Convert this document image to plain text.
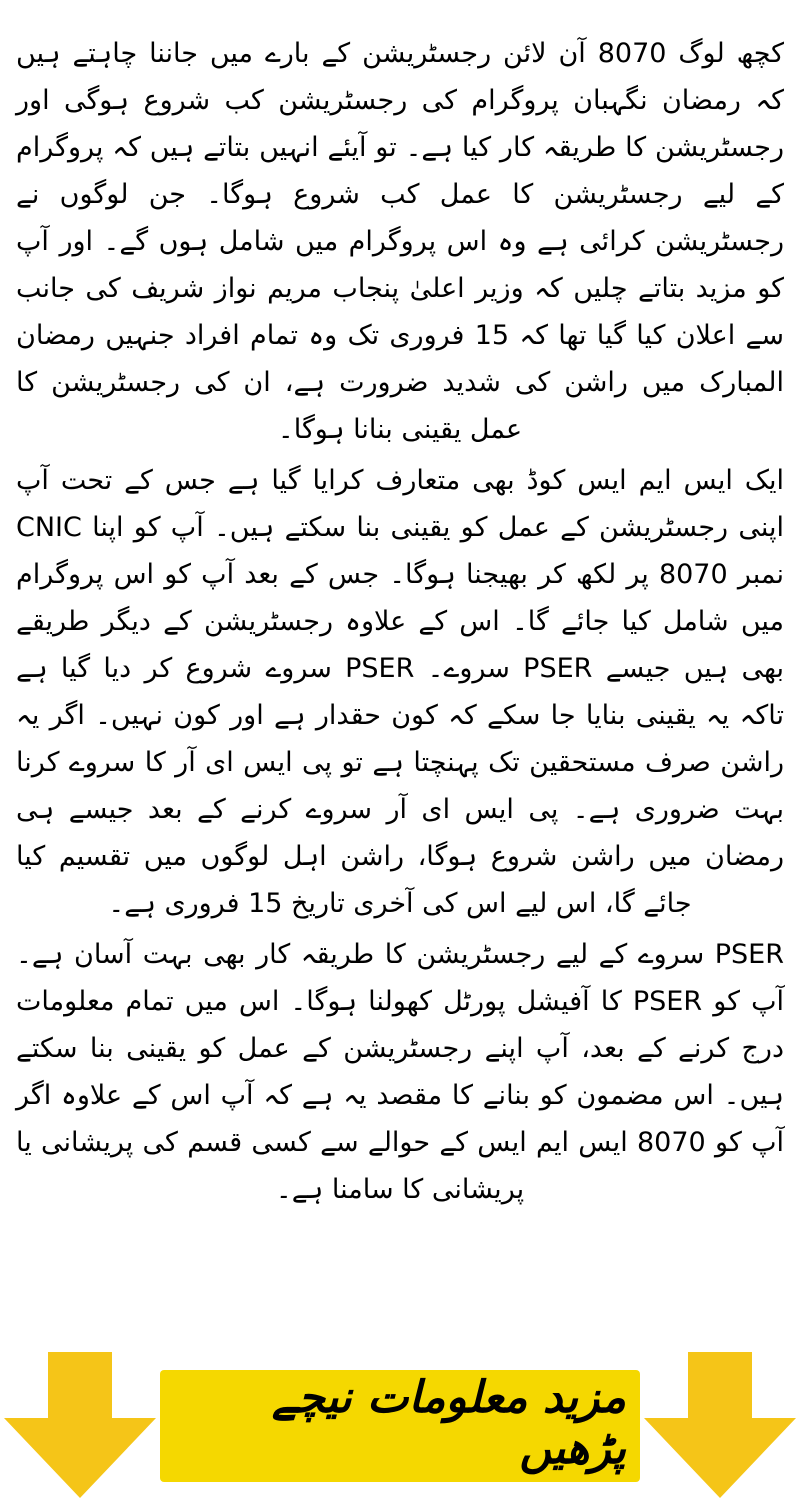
کچھ لوگ 8070 آن لائن رجسٹریشن کے بارے میں جاننا چاہتے ہیں کہ رمضان نگہبان پروگرام کی رجسٹریشن کب شروع ہوگی اور رجسٹریشن کا طریقہ کار کیا ہے۔ تو آیئے انہیں بتاتے ہیں کہ پروگرام کے لیے رجسٹریشن کا عمل کب شروع ہوگا۔ جن لوگوں نے رجسٹریشن کرائی ہے وہ اس پروگرام میں شامل ہوں گے۔ اور آپ کو مزید بتاتے چلیں کہ وزیر اعلیٰ پنجاب مریم نواز شریف کی جانب سے اعلان کیا گیا تھا کہ 15 فروری تک وہ تمام افراد جنہیں رمضان المبارک میں راشن کی شدید ضرورت ہے، ان کی رجسٹریشن کا عمل یقینی بنانا ہوگا۔

ایک ایس ایم ایس کوڈ بھی متعارف کرایا گیا ہے جس کے تحت آپ اپنی رجسٹریشن کے عمل کو یقینی بنا سکتے ہیں۔ آپ کو اپنا CNIC نمبر 8070 پر لکھ کر بھیجنا ہوگا۔ جس کے بعد آپ کو اس پروگرام میں شامل کیا جائے گا۔ اس کے علاوہ رجسٹریشن کے دیگر طریقے بھی ہیں جیسے PSER سروے۔ PSER سروے شروع کر دیا گیا ہے تاکہ یہ یقینی بنایا جا سکے کہ کون حقدار ہے اور کون نہیں۔ اگر یہ راشن صرف مستحقین تک پہنچتا ہے تو پی ایس ای آر کا سروے کرنا بہت ضروری ہے۔ پی ایس ای آر سروے کرنے کے بعد جیسے ہی رمضان میں راشن شروع ہوگا، راشن اہل لوگوں میں تقسیم کیا جائے گا، اس لیے اس کی آخری تاریخ 15 فروری ہے۔

PSER سروے کے لیے رجسٹریشن کا طریقہ کار بھی بہت آسان ہے۔ آپ کو PSER کا آفیشل پورٹل کھولنا ہوگا۔ اس میں تمام معلومات درج کرنے کے بعد، آپ اپنے رجسٹریشن کے عمل کو یقینی بنا سکتے ہیں۔ اس مضمون کو بنانے کا مقصد یہ ہے کہ آپ اس کے علاوہ اگر آپ کو 8070 ایس ایم ایس کے حوالے سے کسی قسم کی پریشانی یا پریشانی کا سامنا ہے۔

مزید معلومات نیچے پڑھیں
